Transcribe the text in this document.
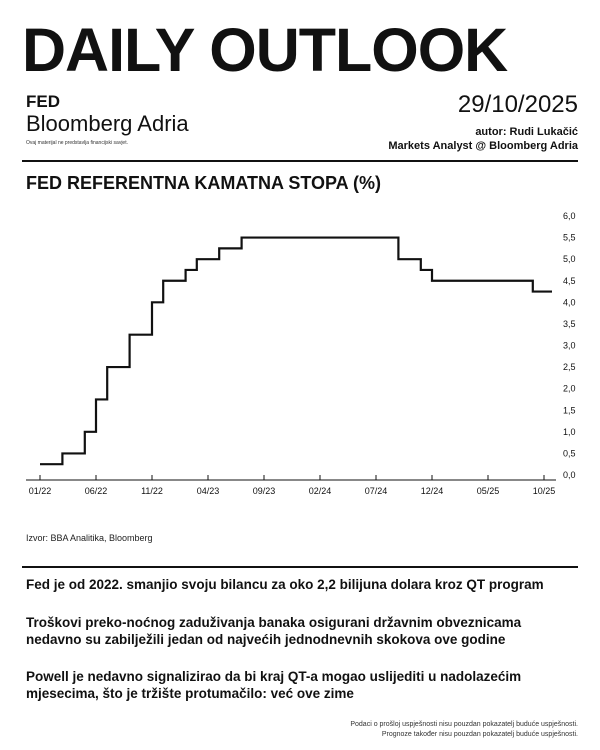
DAILY OUTLOOK
FED
Bloomberg Adria
Ovaj materijal ne predstavlja financijski savjet.
29/10/2025
autor: Rudi Lukačić
Markets Analyst @ Bloomberg Adria
FED REFERENTNA KAMATNA STOPA (%)
01/22	06/22	11/22	04/23	09/23	02/24	07/24	12/24	05/25	10/25
0,0
0,5
1,0
1,5
2,0
2,5
3,0
3,5
4,0
4,5
5,0
5,5
6,0
Izvor: BBA Analitika, Bloomberg
Fed je od 2022. smanjio svoju bilancu za oko 2,2 bilijuna dolara kroz QT program
Troškovi preko-noćnog zaduživanja banaka osigurani državnim obveznicama nedavno su zabilježili jedan od najvećih jednodnevnih skokova ove godine
Powell je nedavno signalizirao da bi kraj QT-a mogao uslijediti u nadolazećim mjesecima, što je tržište protumačilo: već ove zime
Podaci o prošloj uspješnosti nisu pouzdan pokazatelj buduće uspješnosti.
Prognoze također nisu pouzdan pokazatelj buduće uspješnosti.
